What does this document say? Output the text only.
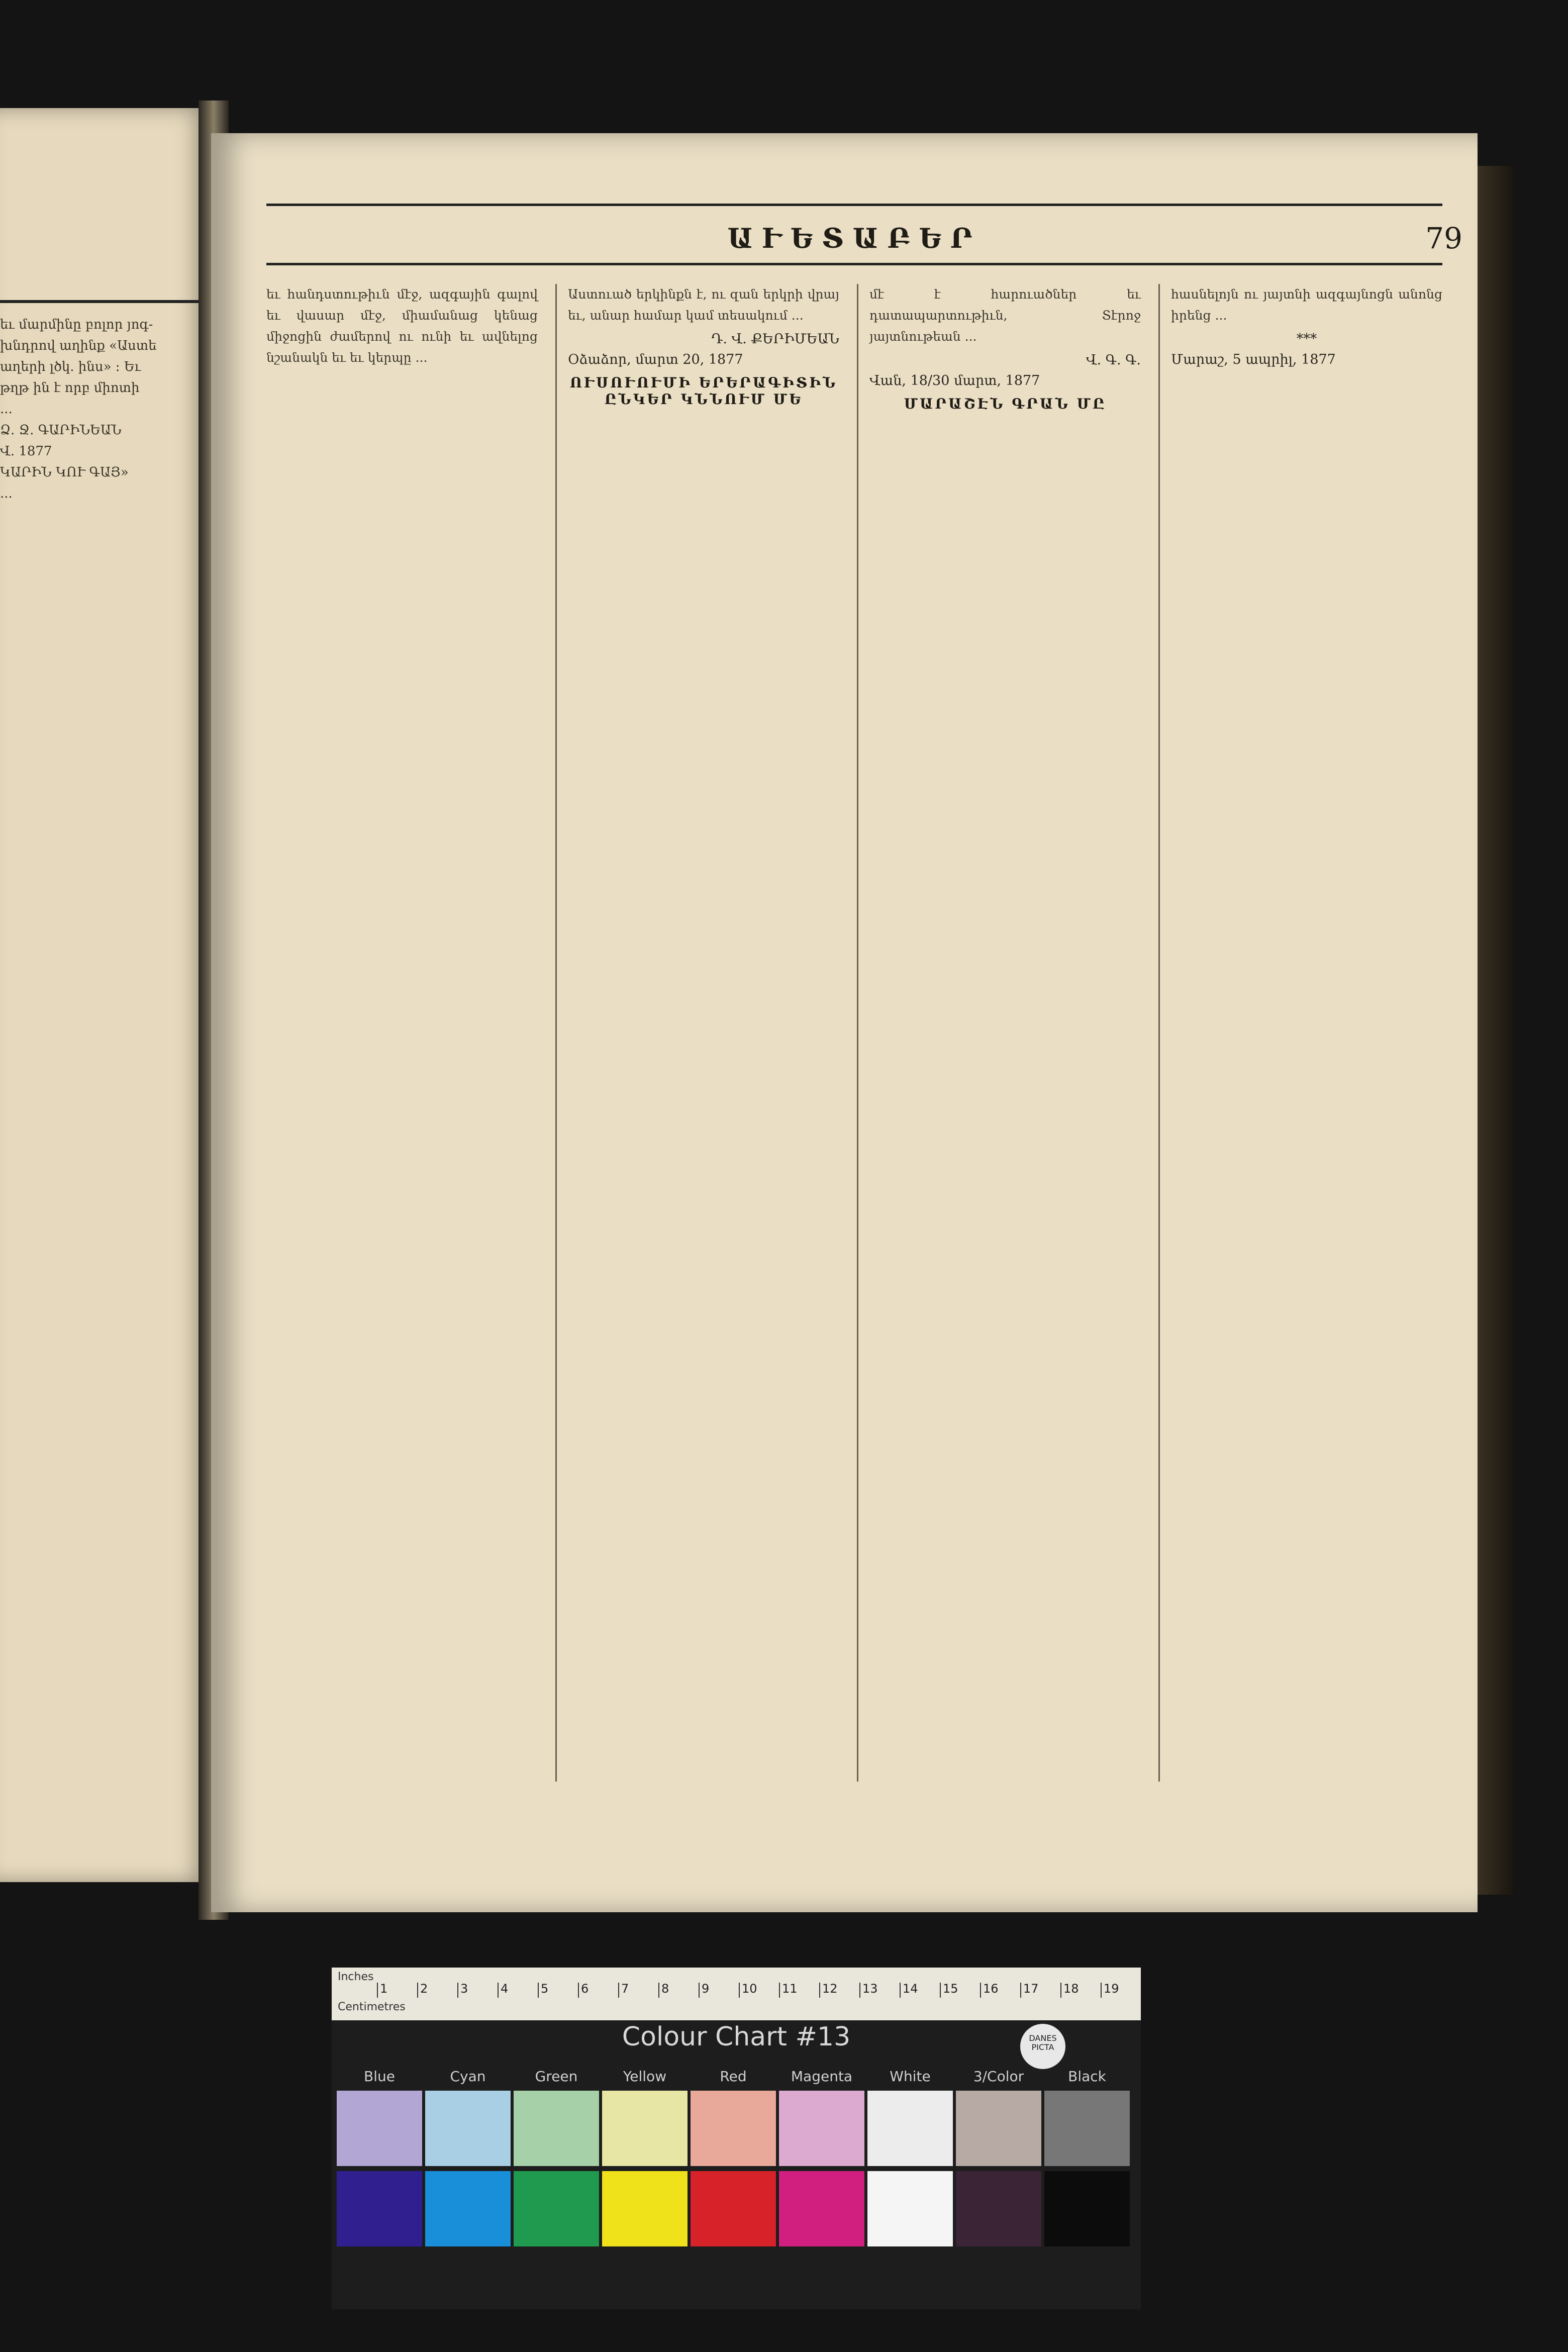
եւ մարմինը բոլոր յոգ-
խնդրով աղինք «Աստե
աղերի լծկ. ինս» ։ Եւ
թղթ ին է որբ միոտի
...
Ձ. Ջ. ԳԱՐԻՆԵԱՆ
Վ. 1877
ԿԱՐԻՆ ԿՈՒ ԳԱՅ»
...
ԱՒԵՏԱԲԵՐ	79
եւ հանդստութիւն մէջ, ազգային գալով եւ վասար մէջ, միամանաց կենաց միջոցին ժամերով ու ունի եւ ավնելոց նշանակն եւ եւ կերպը ...
Աստուած երկինքն է, ու զան երկրի վրայ եւ, անար համար կամ տեսակում ...
Դ. Վ. ՔԵՐԻՄԵԱՆ
Օձաձոր, մարտ 20, 1877
ՈՒՍՈՒՈՒՄԻ ԵՐԵՐԱԳԻՏԻՆ ԸՆԿԵՐ ԿՆՆՈՒՄ ՄԵ
մէ է հարուածներ եւ դատապարտութիւն, Տէրոջ յայտնութեան ...
Վ. Գ. Գ.
Վան, 18/30 մարտ, 1877
ՄԱՐԱՇԷՆ ԳՐԱՆ ՄԸ
հասնելոյն ու յայտնի ազգայնոցն անոնց իրենց ...
***
Մարաշ, 5 ապրիլ, 1877
Inches
Centimetres
1	2	3	4	5	6	7	8	9	10 11 12 13 14 15 16 17 18 19
Colour Chart #13	DANES PICTA
Blue	Cyan	Green	Yellow	Red	Magenta	White	3/Color	Black
